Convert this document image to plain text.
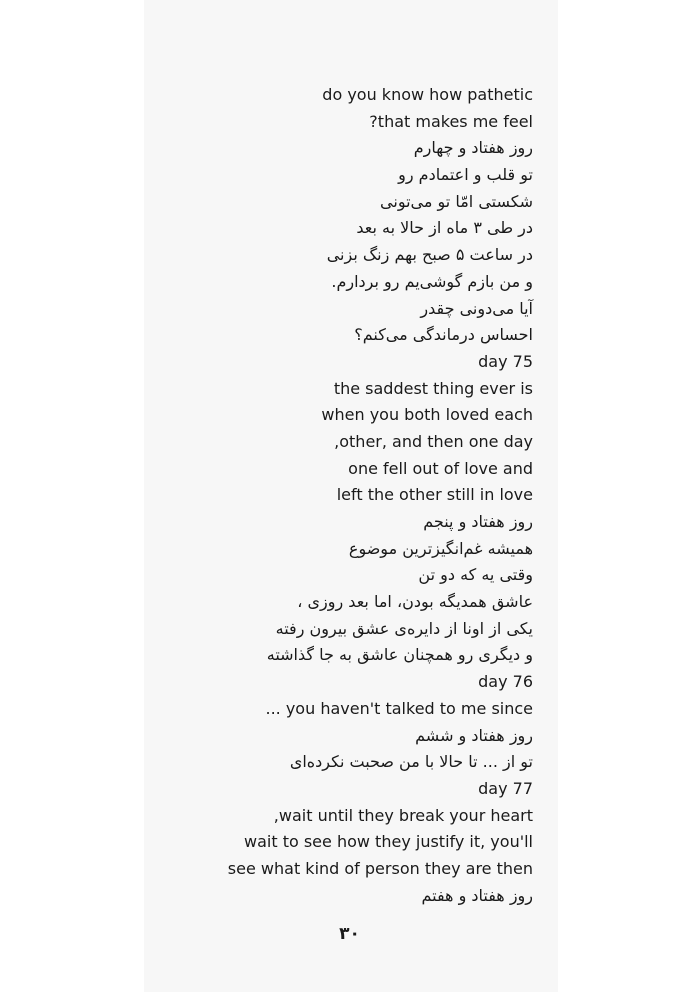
do you know how pathetic
?that makes me feel
روز هفتاد و چهارم
تو قلب و اعتمادم رو
شکستی امّا تو می‌تونی
در طی ۳ ماه از حالا به بعد
در ساعت ۵ صبح بهم زنگ بزنی
و من بازم گوشی‌یم رو بردارم.
آیا می‌دونی چقدر
احساس درماندگی می‌کنم؟
day 75
the saddest thing ever is
when you both loved each
,other, and then one day
one fell out of love and
left the other still in love
روز هفتاد و پنجم
همیشه غم‌انگیزترین موضوع
وقتی یه که دو تن
عاشق همدیگه بودن، اما بعد روزی ،
یکی از اونا از دایره‌ی عشق بیرون رفته
و دیگری رو همچنان عاشق به جا گذاشته
day 76
... you haven't talked to me since
روز هفتاد و ششم
تو از ... تا حالا با من صحبت نکرده‌ای
day 77
,wait until they break your heart
wait to see how they justify it, you'll
see what kind of person they are then
روز هفتاد و هفتم
۳۰
